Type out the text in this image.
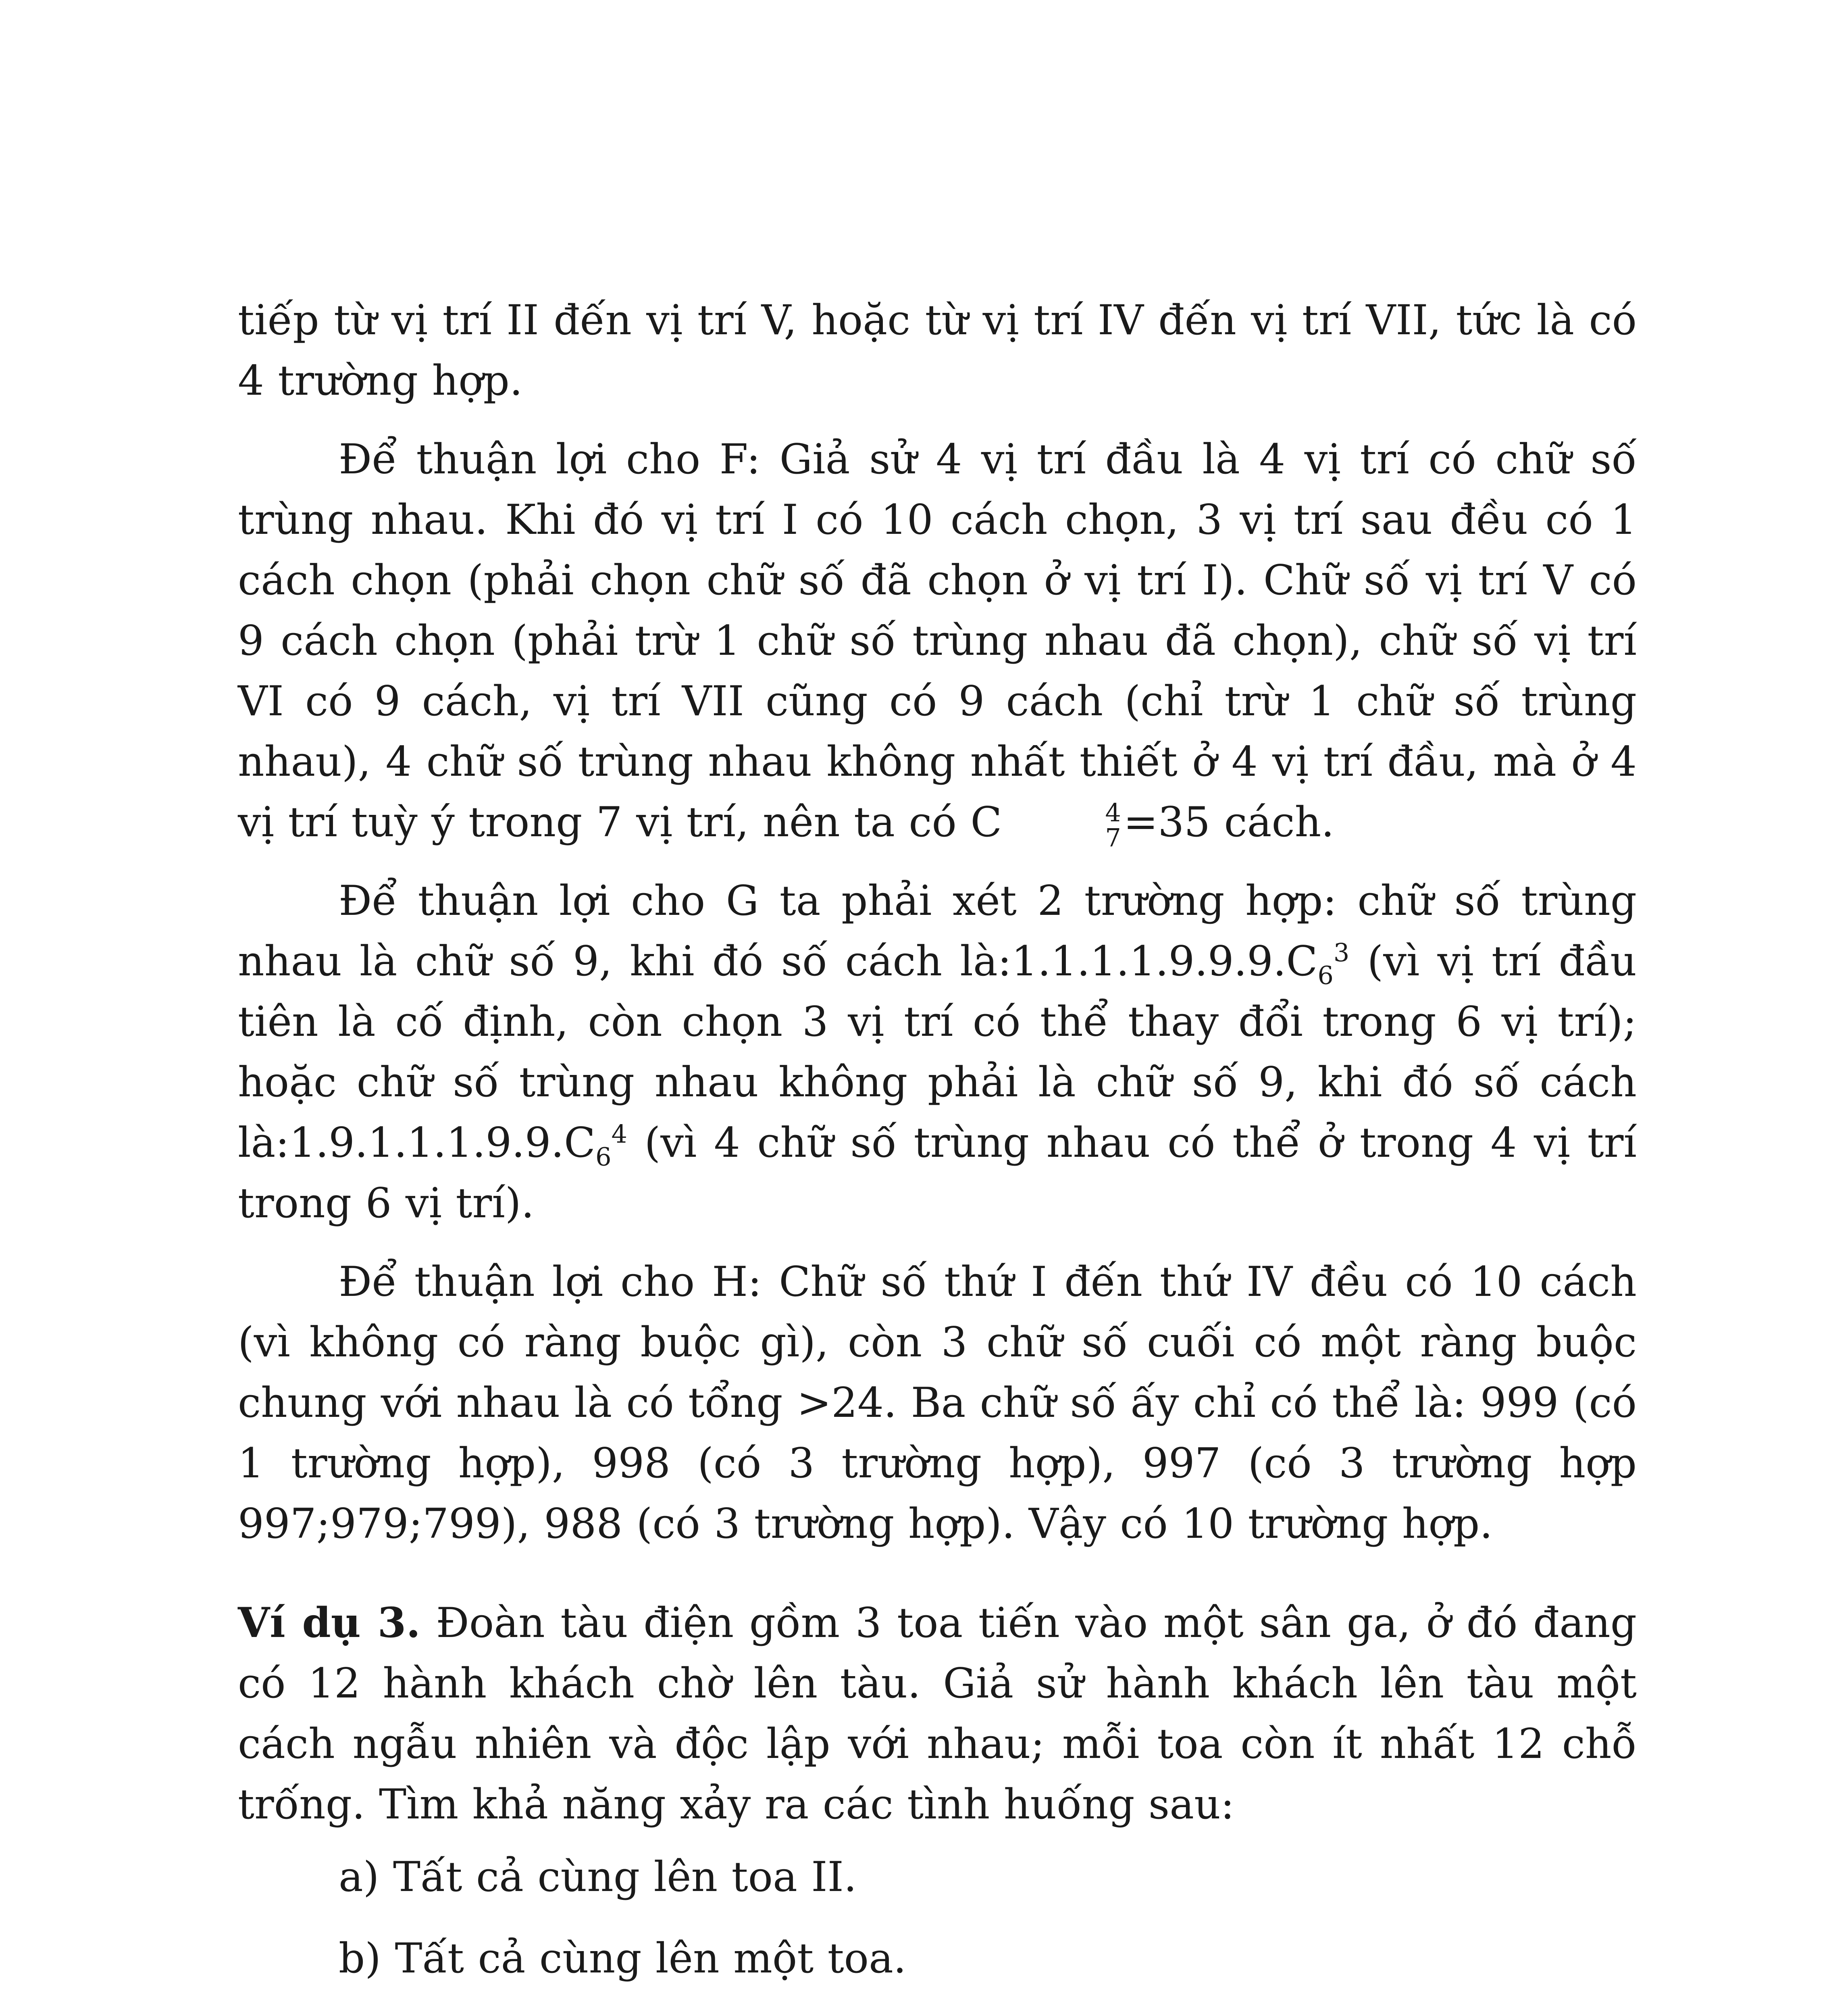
tiếp từ vị trí II đến vị trí V, hoặc từ vị trí IV đến vị trí VII, tức là có 4 trường hợp.

Để thuận lợi cho F: Giả sử 4 vị trí đầu là 4 vị trí có chữ số trùng nhau. Khi đó vị trí I có 10 cách chọn, 3 vị trí sau đều có 1 cách chọn (phải chọn chữ số đã chọn ở vị trí I). Chữ số vị trí V có 9 cách chọn (phải trừ 1 chữ số trùng nhau đã chọn), chữ số vị trí VI có 9 cách, vị trí VII cũng có 9 cách (chỉ trừ 1 chữ số trùng nhau), 4 chữ số trùng nhau không nhất thiết ở 4 vị trí đầu, mà ở 4 vị trí tuỳ ý trong 7 vị trí, nên ta có C	4
7 =35 cách.

Để thuận lợi cho G ta phải xét 2 trường hợp: chữ số trùng nhau là chữ số 9, khi đó số cách $là:1.1.1.1.9.9.9.C_6^3$ (vì vị trí đầu tiên là cố định, còn chọn 3 vị trí có thể thay đổi trong 6 vị trí); hoặc chữ số trùng nhau không phải là chữ số 9, khi đó số cách $là:1.9.1.1.1.9.9.C_6^4$ (vì 4 chữ số trùng nhau có thể ở trong 4 vị trí trong 6 vị trí).

Để thuận lợi cho H: Chữ số thứ I đến thứ IV đều có 10 cách (vì không có ràng buộc gì), còn 3 chữ số cuối có một ràng buộc chung với nhau là có tổng >24. Ba chữ số ấy chỉ có thể là: 999 (có 1 trường hợp), 998 (có 3 trường hợp), 997 (có 3 trường hợp 997;979;799), 988 (có 3 trường hợp). Vậy có 10 trường hợp.

Ví dụ 3. Đoàn tàu điện gồm 3 toa tiến vào một sân ga, ở đó đang có 12 hành khách chờ lên tàu. Giả sử hành khách lên tàu một cách ngẫu nhiên và độc lập với nhau; mỗi toa còn ít nhất 12 chỗ trống. Tìm khả năng xảy ra các tình huống sau:

a) Tất cả cùng lên toa II.

b) Tất cả cùng lên một toa.
